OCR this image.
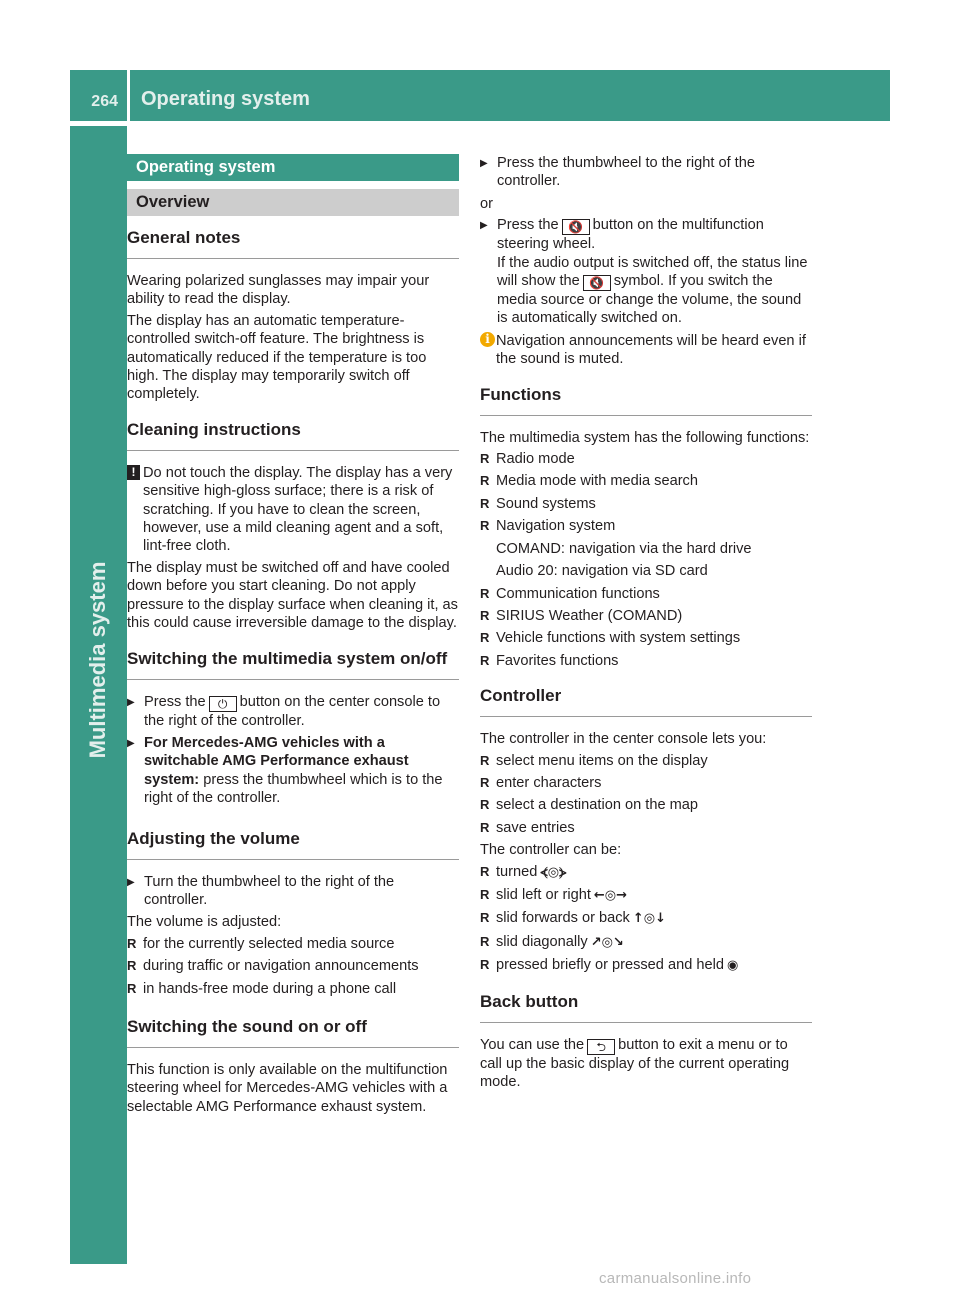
264 Operating system
Multimedia system
Operating system
Overview
General notes

Wearing polarized sunglasses may impair your ability to read the display.

The display has an automatic temperature-controlled switch-off feature. The brightness is automatically reduced if the temperature is too high. The display may temporarily switch off completely.

Cleaning instructions
! Do not touch the display. The display has a very sensitive high-gloss surface; there is a risk of scratching. If you have to clean the screen, however, use a mild cleaning agent and a soft, lint-free cloth.

The display must be switched off and have cooled down before you start cleaning. Do not apply pressure to the display surface when cleaning it, as this could cause irreversible damage to the display.

Switching the multimedia system on/off
▶ Press the ⏻ button on the center console to the right of the controller.
▶ For Mercedes-AMG vehicles with a switchable AMG Performance exhaust system: press the thumbwheel which is to the right of the controller.
Adjusting the volume
▶ Turn the thumbwheel to the right of the controller.

The volume is adjusted:

R for the currently selected media source
R during traffic or navigation announcements
R in hands-free mode during a phone call
Switching the sound on or off

This function is only available on the multifunction steering wheel for Mercedes-AMG vehicles with a selectable AMG Performance exhaust system.

▶ Press the thumbwheel to the right of the controller.

or

▶ Press the 🔇 button on the multifunction steering wheel.
If the audio output is switched off, the status line will show the 🔇 symbol. If you switch the media source or change the volume, the sound is automatically switched on.
i Navigation announcements will be heard even if the sound is muted.
Functions

The multimedia system has the following functions:

R Radio mode
R Media mode with media search
R Sound systems
R Navigation system
COMAND: navigation via the hard drive
Audio 20: navigation via SD card
R Communication functions
R SIRIUS Weather (COMAND)
R Vehicle functions with system settings
R Favorites functions
Controller

The controller in the center console lets you:

R select menu items on the display
R enter characters
R select a destination on the map
R save entries

The controller can be:

R turned ⦓◎⦔
R slid left or right ←◎→
R slid forwards or back ↑◎↓
R slid diagonally ↗◎↘
R pressed briefly or pressed and held ◉
Back button

You can use the ⮌ button to exit a menu or to call up the basic display of the current operating mode.

carmanualsonline.info
